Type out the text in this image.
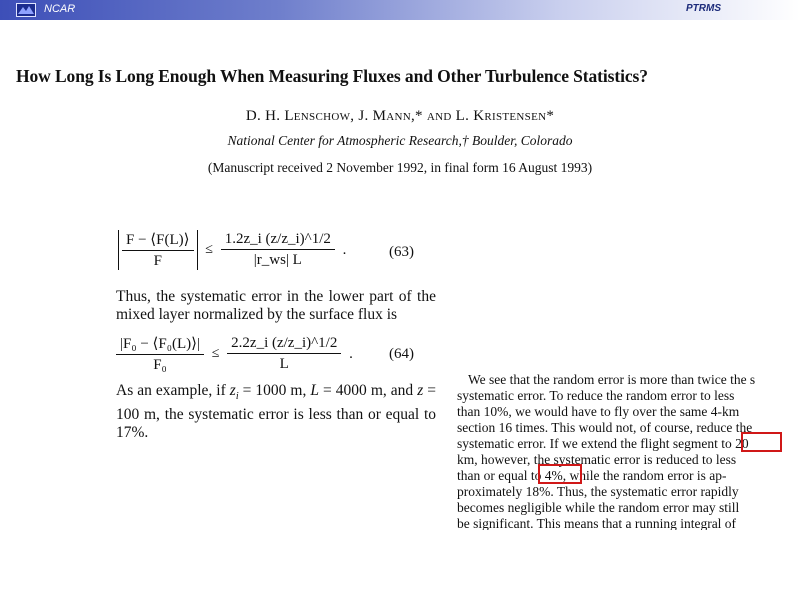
NCAR	PTRMS
How Long Is Long Enough When Measuring Fluxes and Other Turbulence Statistics?
D. H. Lenschow, J. Mann,* and L. Kristensen*
National Center for Atmospheric Research,† Boulder, Colorado
(Manuscript received 2 November 1992, in final form 16 August 1993)
$\frac{F - ⟨F(L)⟩}{F} \le \frac{1.2z\_i (z/z\_i)\^{}1/2}{|r\_ws| L}$ .	(63)
Thus, the systematic error in the lower part of the mixed layer normalized by the surface flux is
$\frac{\text{|F₀ − ⟨F₀(L)⟩|}}{\text{F₀}} \le \frac{2.2z\_i (z/z\_i)\^{}1/2}{L}$ . (64)
As an example, if $z_i = 1000$ m, L = 4000 m, and z = 100 m, the systematic error is less than or equal to 17%.
We see that the random error is more than twice the s
systematic error. To reduce the random error to less
than 10%, we would have to fly over the same 4-km
section 16 times. This would not, of course, reduce the
systematic error. If we extend the flight segment to 20
km, however, the systematic error is reduced to less
than or equal to 4%, while the random error is ap-
proximately 18%. Thus, the systematic error rapidly
becomes negligible while the random error may still
be significant. This means that a running integral of
